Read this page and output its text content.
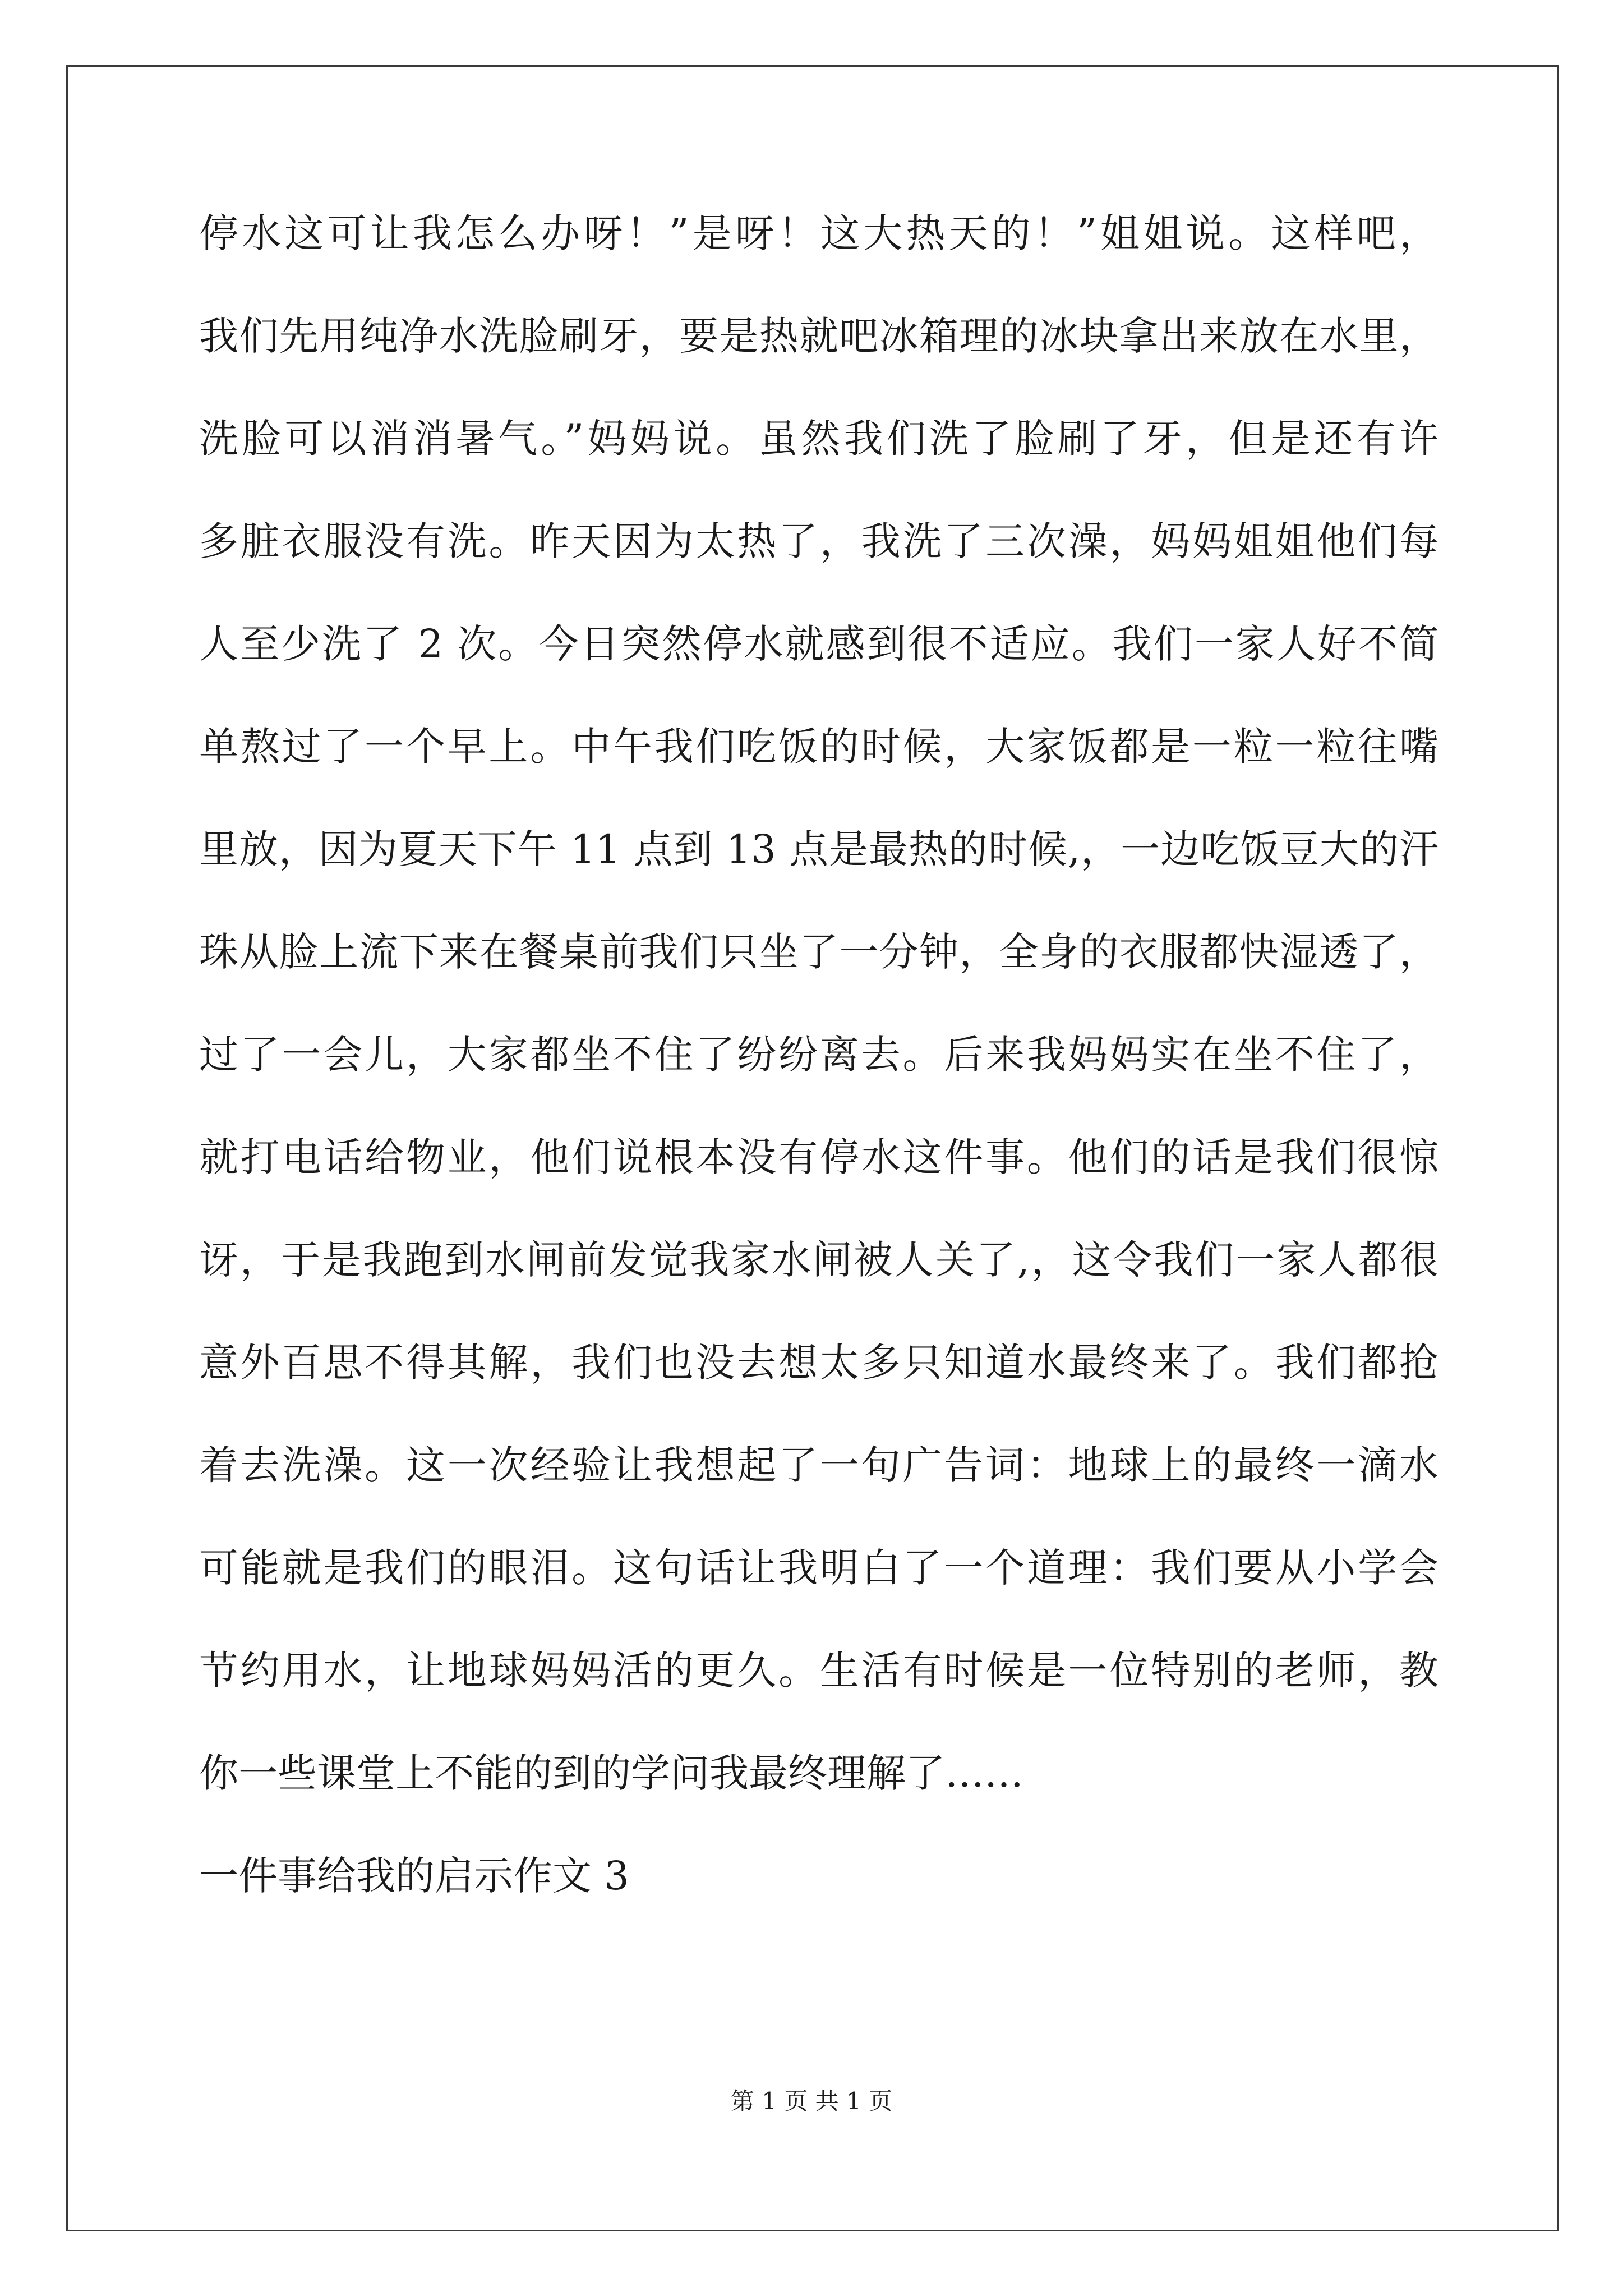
停水这可让我怎么办呀！”是呀！这大热天的！”姐姐说。这样吧，
我们先用纯净水洗脸刷牙，要是热就吧冰箱理的冰块拿出来放在水里，
洗脸可以消消暑气。”妈妈说。虽然我们洗了脸刷了牙，但是还有许
多脏衣服没有洗。昨天因为太热了，我洗了三次澡，妈妈姐姐他们每
人至少洗了 2 次。今日突然停水就感到很不适应。我们一家人好不简
单熬过了一个早上。中午我们吃饭的时候，大家饭都是一粒一粒往嘴
里放，因为夏天下午 11 点到 13 点是最热的时候,，一边吃饭豆大的汗
珠从脸上流下来在餐桌前我们只坐了一分钟，全身的衣服都快湿透了，
过了一会儿，大家都坐不住了纷纷离去。后来我妈妈实在坐不住了，
就打电话给物业，他们说根本没有停水这件事。他们的话是我们很惊
讶，于是我跑到水闸前发觉我家水闸被人关了,，这令我们一家人都很
意外百思不得其解，我们也没去想太多只知道水最终来了。我们都抢
着去洗澡。这一次经验让我想起了一句广告词：地球上的最终一滴水
可能就是我们的眼泪。这句话让我明白了一个道理：我们要从小学会
节约用水，让地球妈妈活的更久。生活有时候是一位特别的老师，教
你一些课堂上不能的到的学问我最终理解了……
一件事给我的启示作文 3
第 1 页 共 1 页
